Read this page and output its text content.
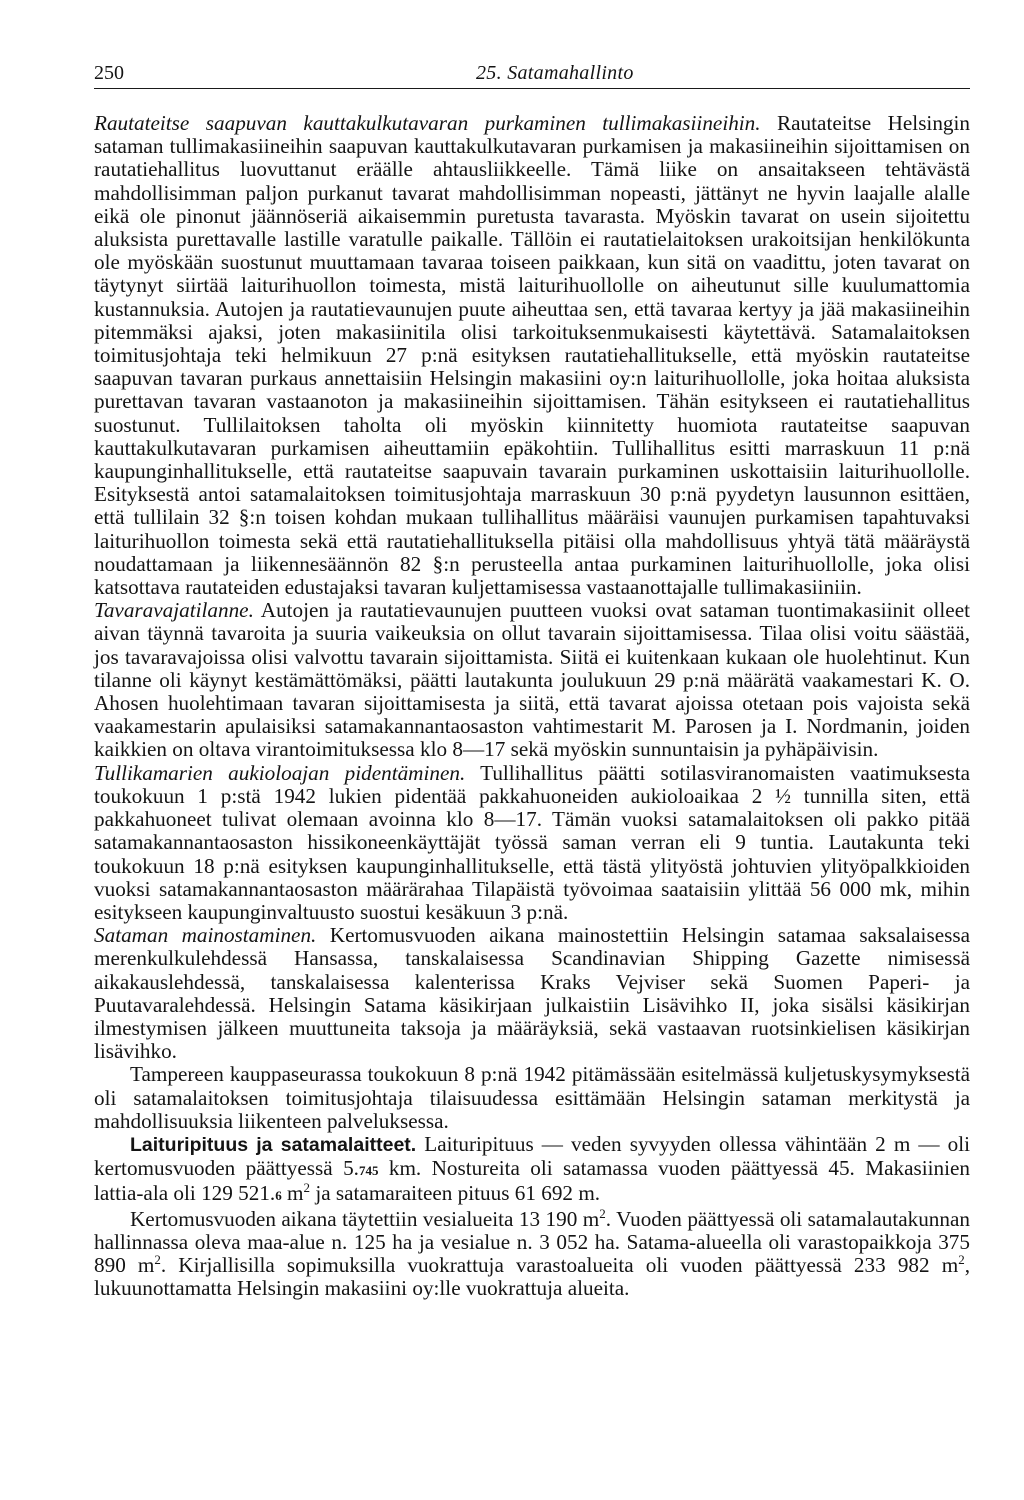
250	25. Satamahallinto

Rautateitse saapuvan kauttakulkutavaran purkaminen tullimakasiineihin. Rautateitse Helsingin sataman tullimakasiineihin saapuvan kauttakulkutavaran purkamisen ja makasiineihin sijoittamisen on rautatiehallitus luovuttanut eräälle ahtausliikkeelle. Tämä liike on ansaitakseen tehtävästä mahdollisimman paljon purkanut tavarat mahdollisimman nopeasti, jättänyt ne hyvin laajalle alalle eikä ole pinonut jäännöseriä aikaisemmin puretusta tavarasta. Myöskin tavarat on usein sijoitettu aluksista purettavalle lastille varatulle paikalle. Tällöin ei rautatielaitoksen urakoitsijan henkilökunta ole myöskään suostunut muuttamaan tavaraa toiseen paikkaan, kun sitä on vaadittu, joten tavarat on täytynyt siirtää laiturihuollon toimesta, mistä laiturihuollolle on aiheutunut sille kuulumattomia kustannuksia. Autojen ja rautatievaunujen puute aiheuttaa sen, että tavaraa kertyy ja jää makasiineihin pitemmäksi ajaksi, joten makasiinitila olisi tarkoituksenmukaisesti käytettävä. Satamalaitoksen toimitusjohtaja teki helmikuun 27 p:nä esityksen rautatiehallitukselle, että myöskin rautateitse saapuvan tavaran purkaus annettaisiin Helsingin makasiini oy:n laiturihuollolle, joka hoitaa aluksista purettavan tavaran vastaanoton ja makasiineihin sijoittamisen. Tähän esitykseen ei rautatiehallitus suostunut. Tullilaitoksen taholta oli myöskin kiinnitetty huomiota rautateitse saapuvan kauttakulkutavaran purkamisen aiheuttamiin epäkohtiin. Tullihallitus esitti marraskuun 11 p:nä kaupunginhallitukselle, että rautateitse saapuvain tavarain purkaminen uskottaisiin laiturihuollolle. Esityksestä antoi satamalaitoksen toimitusjohtaja marraskuun 30 p:nä pyydetyn lausunnon esittäen, että tullilain 32 §:n toisen kohdan mukaan tullihallitus määräisi vaunujen purkamisen tapahtuvaksi laiturihuollon toimesta sekä että rautatiehallituksella pitäisi olla mahdollisuus yhtyä tätä määräystä noudattamaan ja liikennesäännön 82 §:n perusteella antaa purkaminen laiturihuollolle, joka olisi katsottava rautateiden edustajaksi tavaran kuljettamisessa vastaanottajalle tullimakasiiniin.

Tavaravajatilanne. Autojen ja rautatievaunujen puutteen vuoksi ovat sataman tuontimakasiinit olleet aivan täynnä tavaroita ja suuria vaikeuksia on ollut tavarain sijoittamisessa. Tilaa olisi voitu säästää, jos tavaravajoissa olisi valvottu tavarain sijoittamista. Siitä ei kuitenkaan kukaan ole huolehtinut. Kun tilanne oli käynyt kestämättömäksi, päätti lautakunta joulukuun 29 p:nä määrätä vaakamestari K. O. Ahosen huolehtimaan tavaran sijoittamisesta ja siitä, että tavarat ajoissa otetaan pois vajoista sekä vaakamestarin apulaisiksi satamakannantaosaston vahtimestarit M. Parosen ja I. Nordmanin, joiden kaikkien on oltava virantoimituksessa klo 8—17 sekä myöskin sunnuntaisin ja pyhäpäivisin.

Tullikamarien aukioloajan pidentäminen. Tullihallitus päätti sotilasviranomaisten vaatimuksesta toukokuun 1 p:stä 1942 lukien pidentää pakkahuoneiden aukioloaikaa 2 ½ tunnilla siten, että pakkahuoneet tulivat olemaan avoinna klo 8—17. Tämän vuoksi satamalaitoksen oli pakko pitää satamakannantaosaston hissikoneenkäyttäjät työssä saman verran eli 9 tuntia. Lautakunta teki toukokuun 18 p:nä esityksen kaupunginhallitukselle, että tästä ylityöstä johtuvien ylityöpalkkioiden vuoksi satamakannantaosaston määrärahaa Tilapäistä työvoimaa saataisiin ylittää 56 000 mk, mihin esitykseen kaupunginvaltuusto suostui kesäkuun 3 p:nä.

Sataman mainostaminen. Kertomusvuoden aikana mainostettiin Helsingin satamaa saksalaisessa merenkulkulehdessä Hansassa, tanskalaisessa Scandinavian Shipping Gazette nimisessä aikakauslehdessä, tanskalaisessa kalenterissa Kraks Vejviser sekä Suomen Paperi- ja Puutavaralehdessä. Helsingin Satama käsikirjaan julkaistiin Lisävihko II, joka sisälsi käsikirjan ilmestymisen jälkeen muuttuneita taksoja ja määräyksiä, sekä vastaavan ruotsinkielisen käsikirjan lisävihko.

Tampereen kauppaseurassa toukokuun 8 p:nä 1942 pitämässään esitelmässä kuljetuskysymyksestä oli satamalaitoksen toimitusjohtaja tilaisuudessa esittämään Helsingin sataman merkitystä ja mahdollisuuksia liikenteen palveluksessa.

Laituripituus ja satamalaitteet. Laituripituus — veden syvyyden ollessa vähintään 2 m — oli kertomusvuoden päättyessä 5.745 km. Nostureita oli satamassa vuoden päättyessä 45. Makasiinien lattia-ala oli 129 521.6 $m^2$ ja satamaraiteen pituus 61 692 m.

Kertomusvuoden aikana täytettiin vesialueita 13 190 $m^2$. Vuoden päättyessä oli satamalautakunnan hallinnassa oleva maa-alue n. 125 ha ja vesialue n. 3 052 ha. Satama-alueella oli varastopaikkoja 375 890 $m^2$. Kirjallisilla sopimuksilla vuokrattuja varastoalueita oli vuoden päättyessä 233 982 $m^2$, lukuunottamatta Helsingin makasiini oy:lle vuokrattuja alueita.
